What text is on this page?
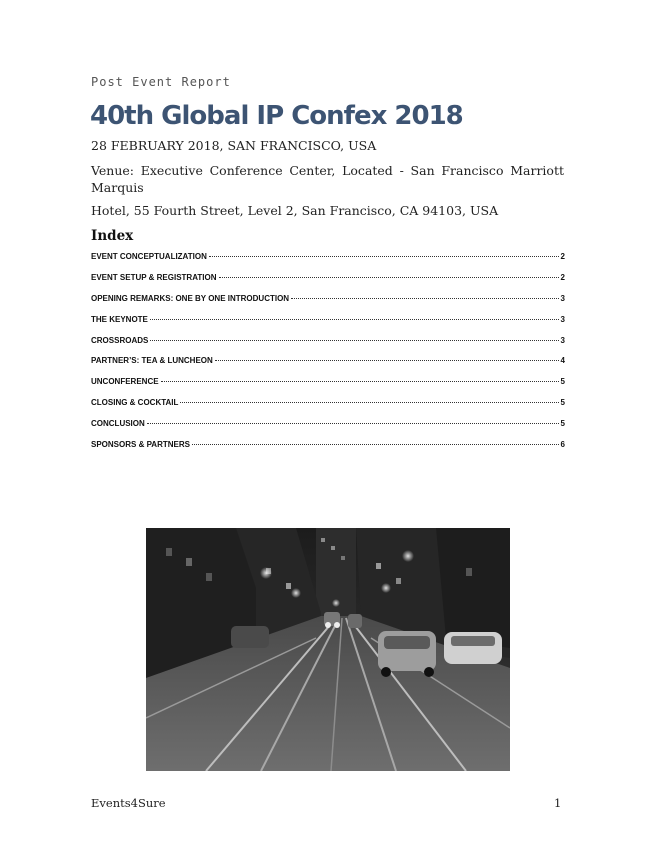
Post Event Report
40th Global IP Confex 2018
28 FEBRUARY 2018, SAN FRANCISCO, USA
Venue: Executive Conference Center, Located - San Francisco Marriott Marquis
Hotel, 55 Fourth Street, Level 2, San Francisco, CA 94103, USA
Index
EVENT CONCEPTUALIZATION	2
EVENT SETUP & REGISTRATION	2
OPENING REMARKS: ONE BY ONE INTRODUCTION	3
THE KEYNOTE	3
CROSSROADS	3
PARTNER’S: TEA & LUNCHEON	4
UNCONFERENCE	5
CLOSING & COCKTAIL	5
CONCLUSION	5
SPONSORS & PARTNERS	6
Events4Sure	1
